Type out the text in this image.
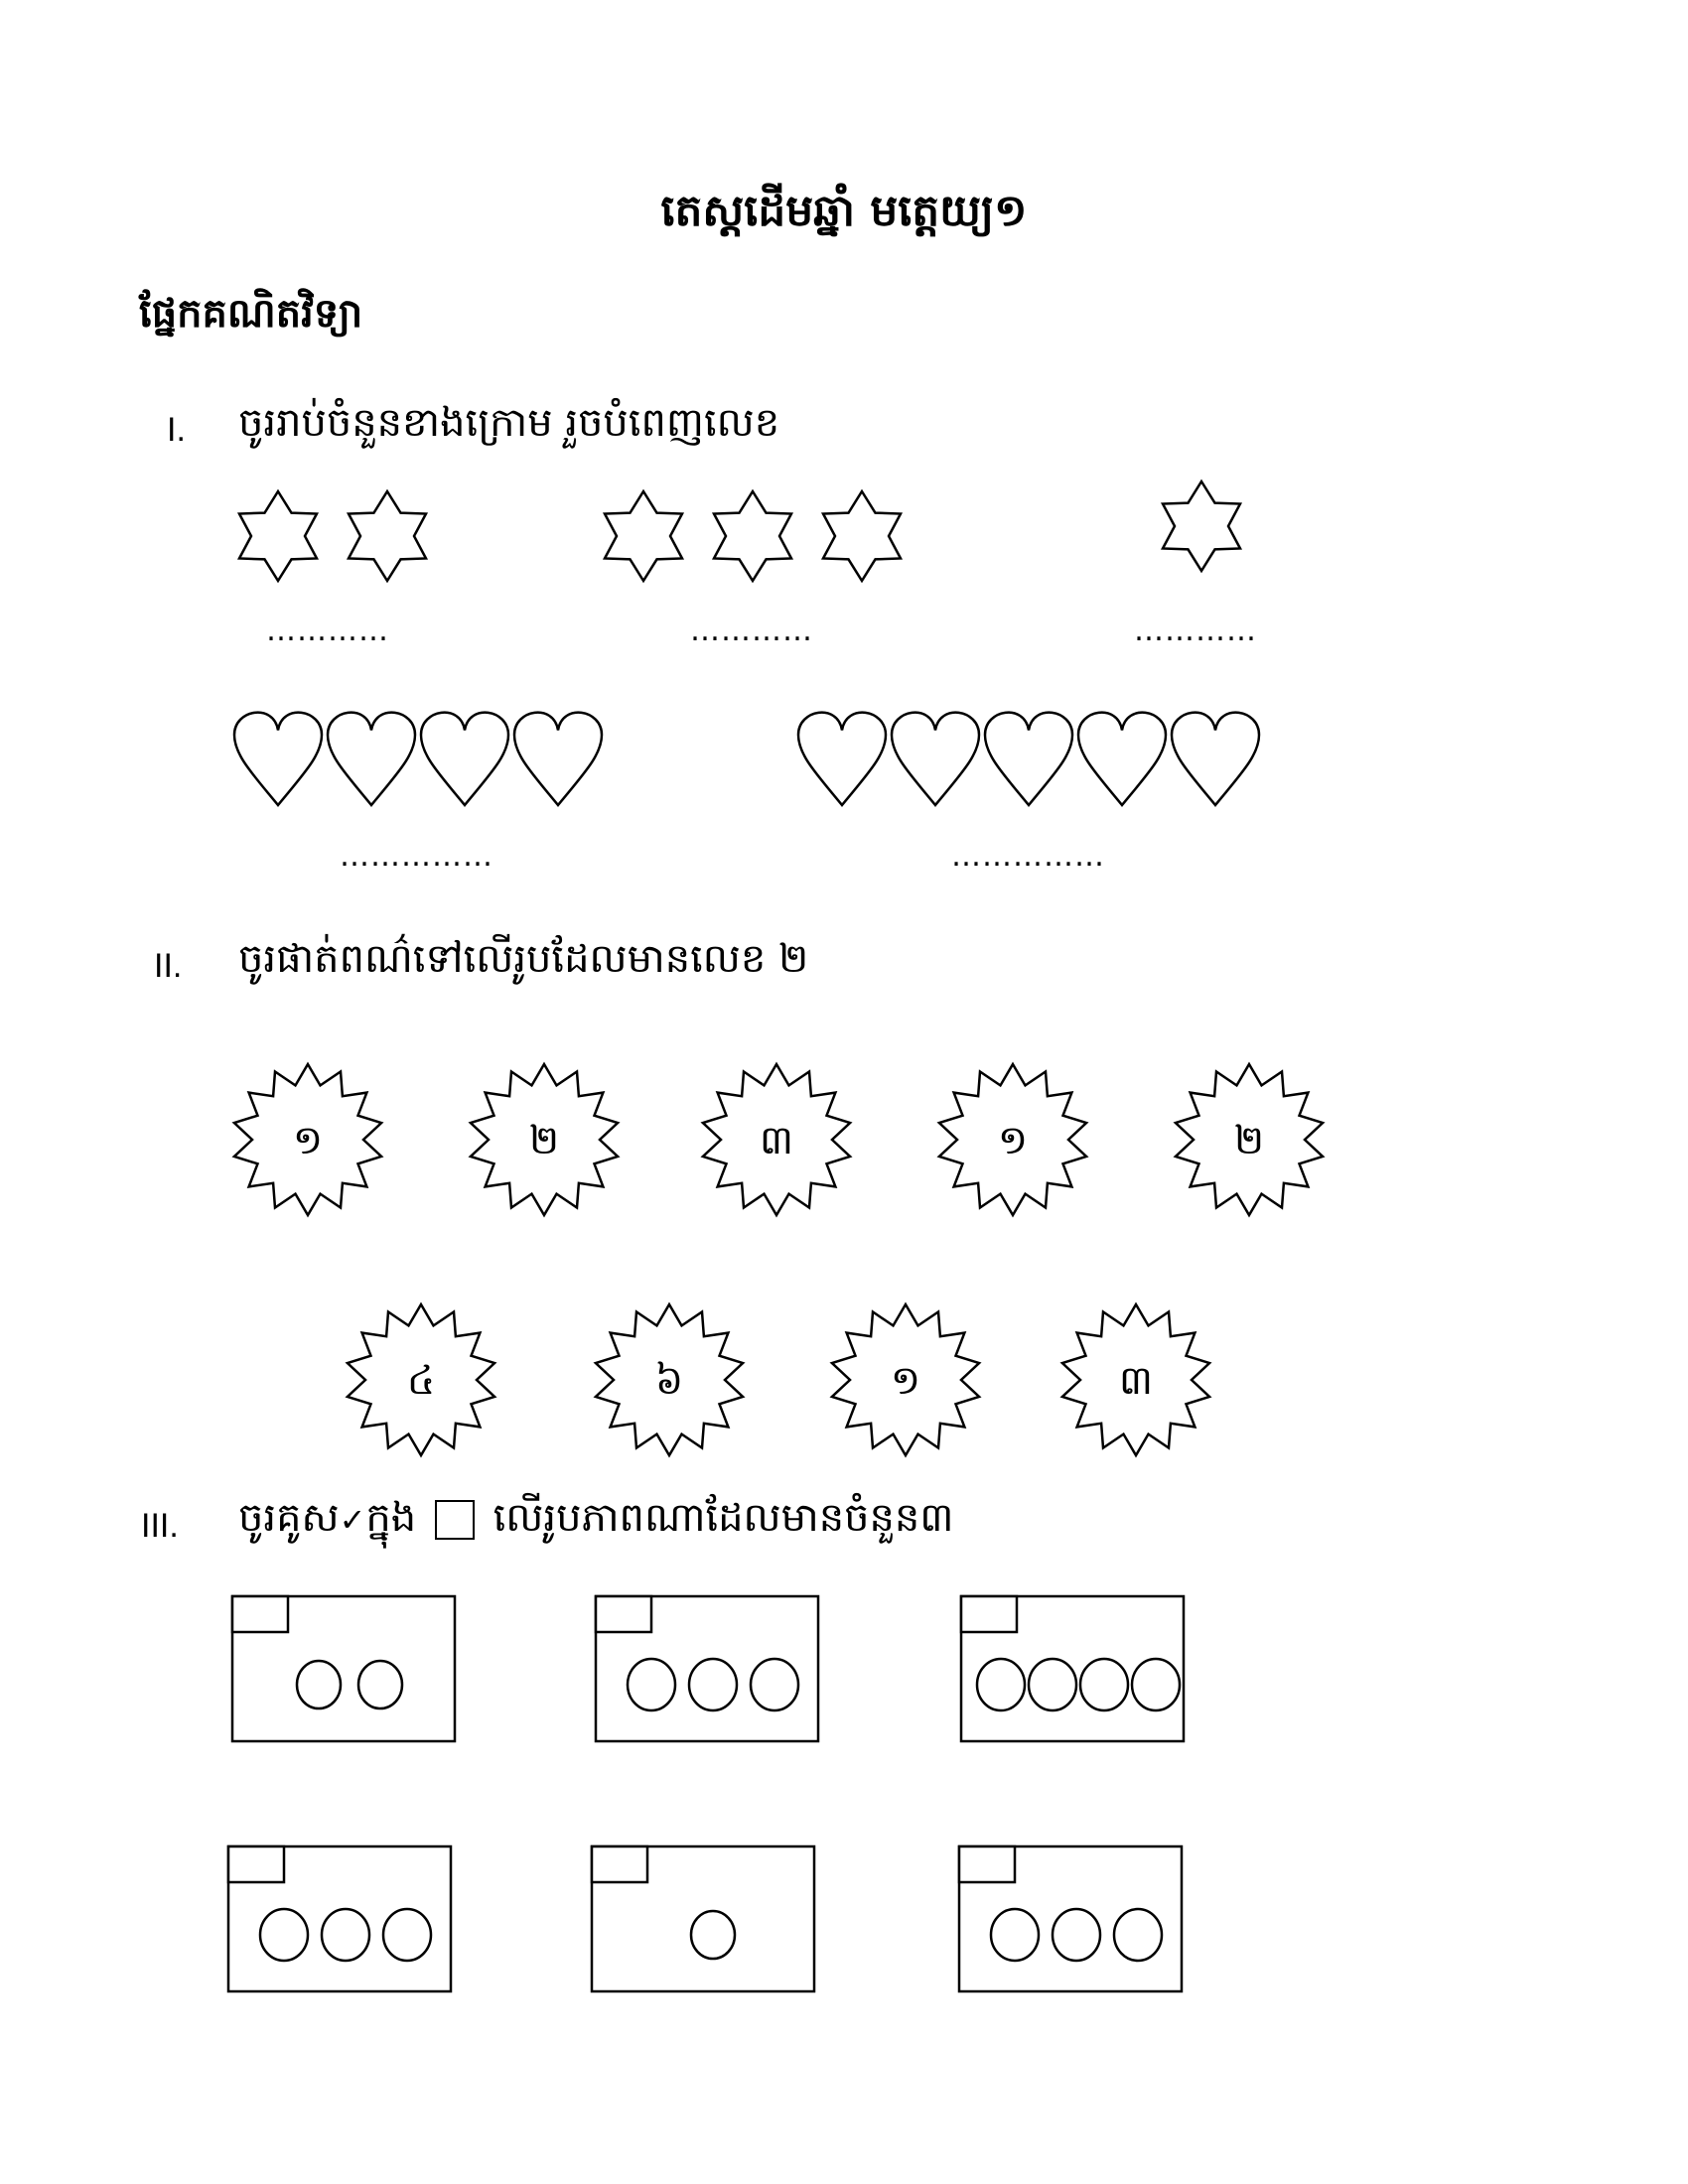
តេស្តដើមឆ្នាំ មត្តេយ្យ១
ផ្នែកគណិតវិទ្យា
I. ចូររាប់ចំនួនខាងក្រោម រួចបំពេញលេខ
…………	…………	…………
……………	……………
II. ចូរផាត់ពណ៌ទៅលើរូបដែលមានលេខ ២
១	២	៣	១	២
៤	៦	១	៣
III. ចូរគូស✓ក្នុង លើរូបភាពណាដែលមានចំនួន៣
